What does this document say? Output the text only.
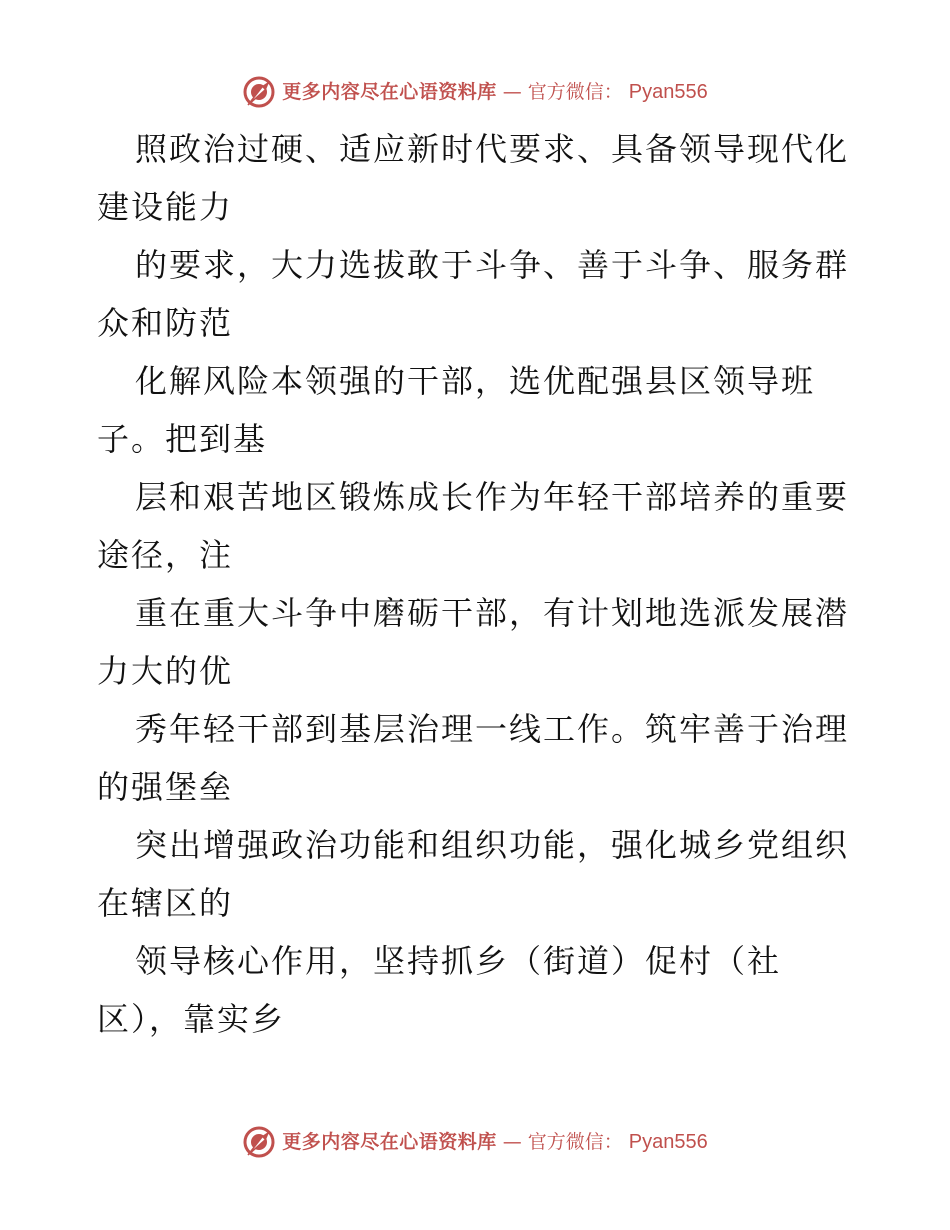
更多内容尽在心语资料库 — 官方微信： Pyan556
照政治过硬、适应新时代要求、具备领导现代化
建设能力
的要求，大力选拔敢于斗争、善于斗争、服务群
众和防范
化解风险本领强的干部，选优配强县区领导班
子。把到基
层和艰苦地区锻炼成长作为年轻干部培养的重要
途径，注
重在重大斗争中磨砺干部，有计划地选派发展潜
力大的优
秀年轻干部到基层治理一线工作。筑牢善于治理
的强堡垒
突出增强政治功能和组织功能，强化城乡党组织
在辖区的
领导核心作用，坚持抓乡（街道）促村（社
区），靠实乡
更多内容尽在心语资料库 — 官方微信： Pyan556
